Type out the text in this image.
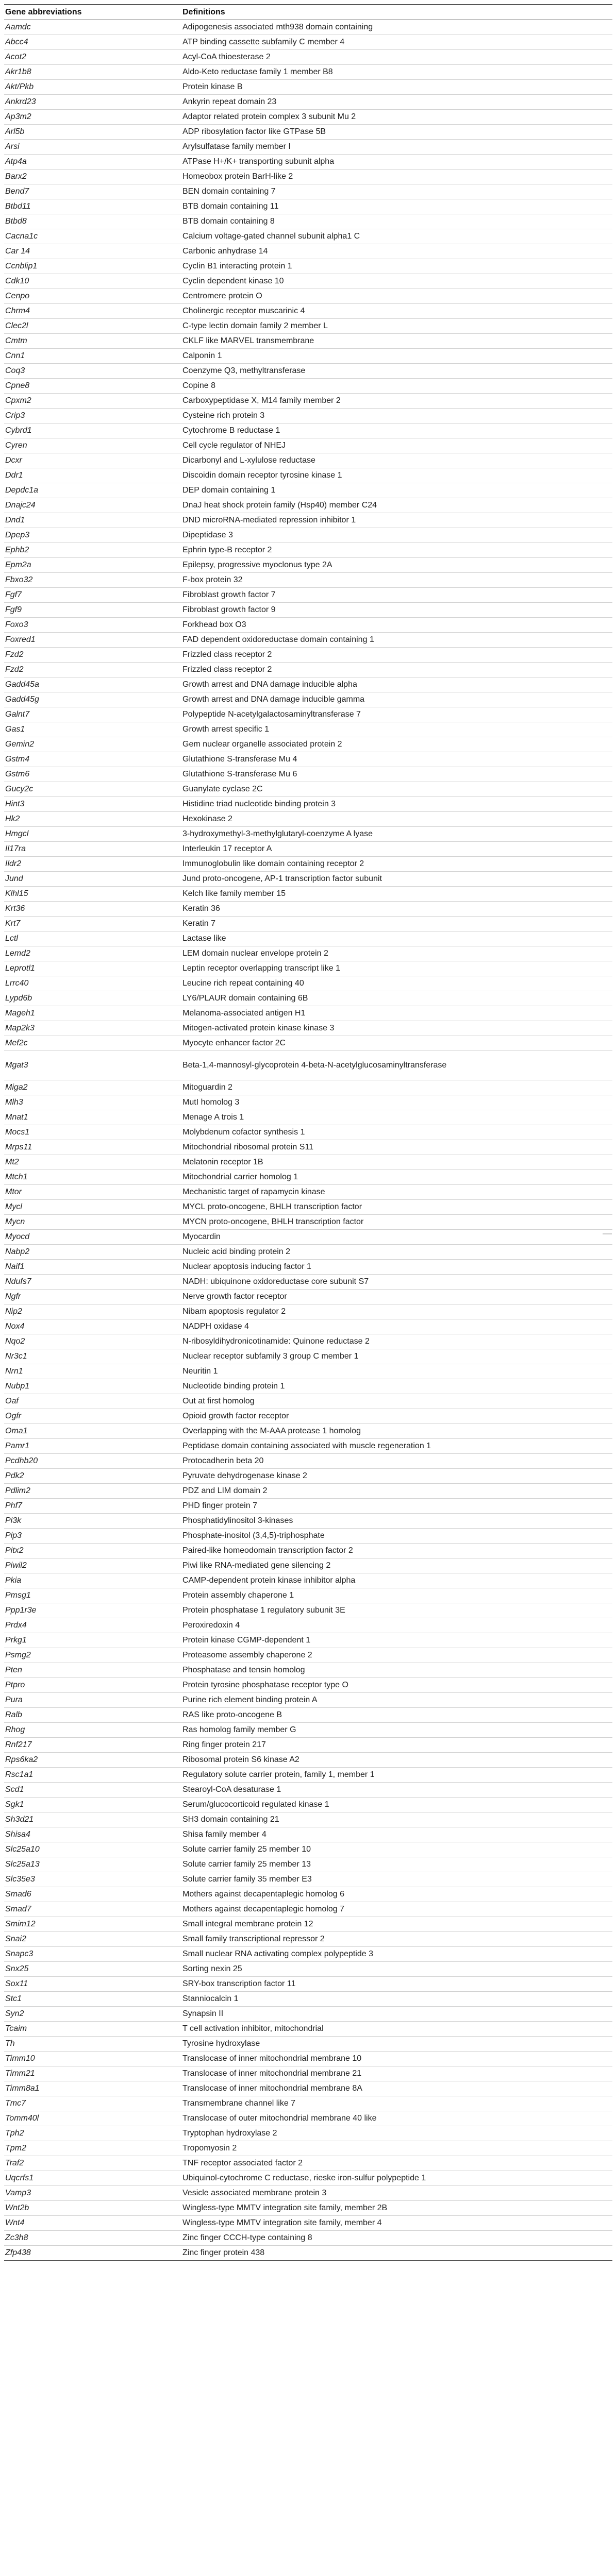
Gene abbreviations	Definitions
Aamdc	Adipogenesis associated mth938 domain containing
Abcc4	ATP binding cassette subfamily C member 4
Acot2	Acyl-CoA thioesterase 2
Akr1b8	Aldo-Keto reductase family 1 member B8
Akt/Pkb	Protein kinase B
Ankrd23	Ankyrin repeat domain 23
Ap3m2	Adaptor related protein complex 3 subunit Mu 2
Arl5b	ADP ribosylation factor like GTPase 5B
Arsi	Arylsulfatase family member I
Atp4a	ATPase H+/K+ transporting subunit alpha
Barx2	Homeobox protein BarH-like 2
Bend7	BEN domain containing 7
Btbd11	BTB domain containing 11
Btbd8	BTB domain containing 8
Cacna1c	Calcium voltage-gated channel subunit alpha1 C
Car 14	Carbonic anhydrase 14
Ccnblip1	Cyclin B1 interacting protein 1
Cdk10	Cyclin dependent kinase 10
Cenpo	Centromere protein O
Chrm4	Cholinergic receptor muscarinic 4
Clec2l	C-type lectin domain family 2 member L
Cmtm	CKLF like MARVEL transmembrane
Cnn1	Calponin 1
Coq3	Coenzyme Q3, methyltransferase
Cpne8	Copine 8
Cpxm2	Carboxypeptidase X, M14 family member 2
Crip3	Cysteine rich protein 3
Cybrd1	Cytochrome B reductase 1
Cyren	Cell cycle regulator of NHEJ
Dcxr	Dicarbonyl and L-xylulose reductase
Ddr1	Discoidin domain receptor tyrosine kinase 1
Depdc1a	DEP domain containing 1
Dnajc24	DnaJ heat shock protein family (Hsp40) member C24
Dnd1	DND microRNA-mediated repression inhibitor 1
Dpep3	Dipeptidase 3
Ephb2	Ephrin type-B receptor 2
Epm2a	Epilepsy, progressive myoclonus type 2A
Fbxo32	F-box protein 32
Fgf7	Fibroblast growth factor 7
Fgf9	Fibroblast growth factor 9
Foxo3	Forkhead box O3
Foxred1	FAD dependent oxidoreductase domain containing 1
Fzd2	Frizzled class receptor 2
Fzd2	Frizzled class receptor 2
Gadd45a	Growth arrest and DNA damage inducible alpha
Gadd45g	Growth arrest and DNA damage inducible gamma
Galnt7	Polypeptide N-acetylgalactosaminyltransferase 7
Gas1	Growth arrest specific 1
Gemin2	Gem nuclear organelle associated protein 2
Gstm4	Glutathione S-transferase Mu 4
Gstm6	Glutathione S-transferase Mu 6
Gucy2c	Guanylate cyclase 2C
Hint3	Histidine triad nucleotide binding protein 3
Hk2	Hexokinase 2
Hmgcl	3-hydroxymethyl-3-methylglutaryl-coenzyme A lyase
Il17ra	Interleukin 17 receptor A
Ildr2	Immunoglobulin like domain containing receptor 2
Jund	Jund proto-oncogene, AP-1 transcription factor subunit
Klhl15	Kelch like family member 15
Krt36	Keratin 36
Krt7	Keratin 7
Lctl	Lactase like
Lemd2	LEM domain nuclear envelope protein 2
Leprotl1	Leptin receptor overlapping transcript like 1
Lrrc40	Leucine rich repeat containing 40
Lypd6b	LY6/PLAUR domain containing 6B
Mageh1	Melanoma-associated antigen H1
Map2k3	Mitogen-activated protein kinase kinase 3
Mef2c	Myocyte enhancer factor 2C
Mgat3	Beta-1,4-mannosyl-glycoprotein 4-beta-N-acetylglucosaminyltransferase
Miga2	Mitoguardin 2
Mlh3	MutI homolog 3
Mnat1	Menage A trois 1
Mocs1	Molybdenum cofactor synthesis 1
Mrps11	Mitochondrial ribosomal protein S11
Mt2	Melatonin receptor 1B
Mtch1	Mitochondrial carrier homolog 1
Mtor	Mechanistic target of rapamycin kinase
Mycl	MYCL proto-oncogene, BHLH transcription factor
Mycn	MYCN proto-oncogene, BHLH transcription factor
Myocd	Myocardin
Nabp2	Nucleic acid binding protein 2
Naif1	Nuclear apoptosis inducing factor 1
Ndufs7	NADH: ubiquinone oxidoreductase core subunit S7
Ngfr	Nerve growth factor receptor
Nip2	Nibam apoptosis regulator 2
Nox4	NADPH oxidase 4
Nqo2	N-ribosyldihydronicotinamide: Quinone reductase 2
Nr3c1	Nuclear receptor subfamily 3 group C member 1
Nrn1	Neuritin 1
Nubp1	Nucleotide binding protein 1
Oaf	Out at first homolog
Ogfr	Opioid growth factor receptor
Oma1	Overlapping with the M-AAA protease 1 homolog
Pamr1	Peptidase domain containing associated with muscle regeneration 1
Pcdhb20	Protocadherin beta 20
Pdk2	Pyruvate dehydrogenase kinase 2
Pdlim2	PDZ and LIM domain 2
Phf7	PHD finger protein 7
Pi3k	Phosphatidylinositol 3-kinases
Pip3	Phosphate-inositol (3,4,5)-triphosphate
Pitx2	Paired-like homeodomain transcription factor 2
Piwil2	Piwi like RNA-mediated gene silencing 2
Pkia	CAMP-dependent protein kinase inhibitor alpha
Pmsg1	Protein assembly chaperone 1
Ppp1r3e	Protein phosphatase 1 regulatory subunit 3E
Prdx4	Peroxiredoxin 4
Prkg1	Protein kinase CGMP-dependent 1
Psmg2	Proteasome assembly chaperone 2
Pten	Phosphatase and tensin homolog
Ptpro	Protein tyrosine phosphatase receptor type O
Pura	Purine rich element binding protein A
Ralb	RAS like proto-oncogene B
Rhog	Ras homolog family member G
Rnf217	Ring finger protein 217
Rps6ka2	Ribosomal protein S6 kinase A2
Rsc1a1	Regulatory solute carrier protein, family 1, member 1
Scd1	Stearoyl-CoA desaturase 1
Sgk1	Serum/glucocorticoid regulated kinase 1
Sh3d21	SH3 domain containing 21
Shisa4	Shisa family member 4
Slc25a10	Solute carrier family 25 member 10
Slc25a13	Solute carrier family 25 member 13
Slc35e3	Solute carrier family 35 member E3
Smad6	Mothers against decapentaplegic homolog 6
Smad7	Mothers against decapentaplegic homolog 7
Smim12	Small integral membrane protein 12
Snai2	Small family transcriptional repressor 2
Snapc3	Small nuclear RNA activating complex polypeptide 3
Snx25	Sorting nexin 25
Sox11	SRY-box transcription factor 11
Stc1	Stanniocalcin 1
Syn2	Synapsin II
Tcaim	T cell activation inhibitor, mitochondrial
Th	Tyrosine hydroxylase
Timm10	Translocase of inner mitochondrial membrane 10
Timm21	Translocase of inner mitochondrial membrane 21
Timm8a1	Translocase of inner mitochondrial membrane 8A
Tmc7	Transmembrane channel like 7
Tomm40l	Translocase of outer mitochondrial membrane 40 like
Tph2	Tryptophan hydroxylase 2
Tpm2	Tropomyosin 2
Traf2	TNF receptor associated factor 2
Uqcrfs1	Ubiquinol-cytochrome C reductase, rieske iron-sulfur polypeptide 1
Vamp3	Vesicle associated membrane protein 3
Wnt2b	Wingless-type MMTV integration site family, member 2B
Wnt4	Wingless-type MMTV integration site family, member 4
Zc3h8	Zinc finger CCCH-type containing 8
Zfp438	Zinc finger protein 438
